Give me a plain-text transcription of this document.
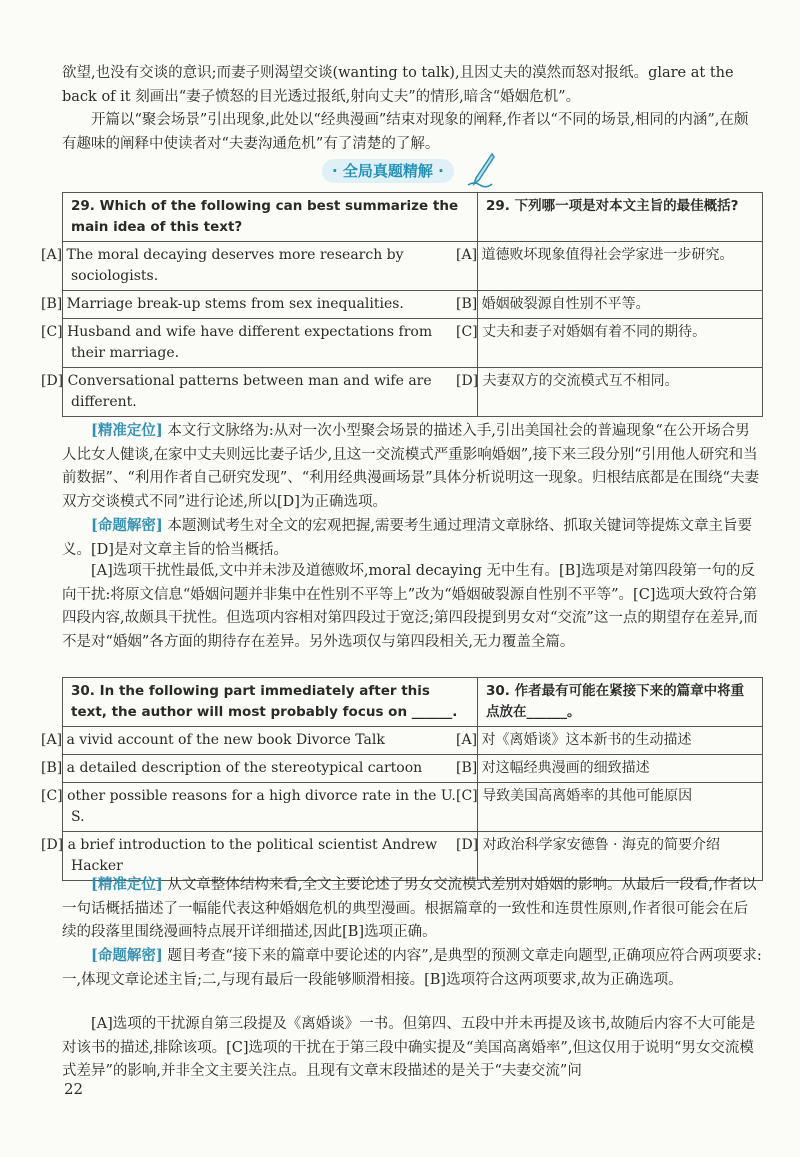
欲望,也没有交谈的意识;而妻子则渴望交谈(wanting to talk),且因丈夫的漠然而怒对报纸。glare at the back of it 刻画出“妻子愤怒的目光透过报纸,射向丈夫”的情形,暗含“婚姻危机”。

开篇以“聚会场景”引出现象,此处以“经典漫画”结束对现象的阐释,作者以“不同的场景,相同的内涵”,在颇有趣味的阐释中使读者对“夫妻沟通危机”有了清楚的了解。

· 全局真题精解 ·
29. Which of the following can best summarize the main idea of this text?	29. 下列哪一项是对本文主旨的最佳概括?
[A] The moral decaying deserves more research by sociologists.	[A] 道德败坏现象值得社会学家进一步研究。
[B] Marriage break-up stems from sex inequalities.	[B] 婚姻破裂源自性别不平等。
[C] Husband and wife have different expectations from their marriage.	[C] 丈夫和妻子对婚姻有着不同的期待。
[D] Conversational patterns between man and wife are different.	[D] 夫妻双方的交流模式互不相同。

[精准定位] 本文行文脉络为:从对一次小型聚会场景的描述入手,引出美国社会的普遍现象“在公开场合男人比女人健谈,在家中丈夫则远比妻子话少,且这一交流模式严重影响婚姻”,接下来三段分别“引用他人研究和当前数据”、“利用作者自己研究发现”、“利用经典漫画场景”具体分析说明这一现象。归根结底都是在围绕“夫妻双方交谈模式不同”进行论述,所以[D]为正确选项。

[命题解密] 本题测试考生对全文的宏观把握,需要考生通过理清文章脉络、抓取关键词等提炼文章主旨要义。[D]是对文章主旨的恰当概括。

[A]选项干扰性最低,文中并未涉及道德败坏,moral decaying 无中生有。[B]选项是对第四段第一句的反向干扰:将原文信息“婚姻问题并非集中在性别不平等上”改为“婚姻破裂源自性别不平等”。[C]选项大致符合第四段内容,故颇具干扰性。但选项内容相对第四段过于宽泛;第四段提到男女对“交流”这一点的期望存在差异,而不是对“婚姻”各方面的期待存在差异。另外选项仅与第四段相关,无力覆盖全篇。

30. In the following part immediately after this text, the author will most probably focus on ______.	30. 作者最有可能在紧接下来的篇章中将重点放在______。
[A] a vivid account of the new book Divorce Talk	[A] 对《离婚谈》这本新书的生动描述
[B] a detailed description of the stereotypical cartoon	[B] 对这幅经典漫画的细致描述
[C] other possible reasons for a high divorce rate in the U. S.	[C] 导致美国高离婚率的其他可能原因
[D] a brief introduction to the political scientist Andrew Hacker	[D] 对政治科学家安德鲁 · 海克的简要介绍

[精准定位] 从文章整体结构来看,全文主要论述了男女交流模式差别对婚姻的影响。从最后一段看,作者以一句话概括描述了一幅能代表这种婚姻危机的典型漫画。根据篇章的一致性和连贯性原则,作者很可能会在后续的段落里围绕漫画特点展开详细描述,因此[B]选项正确。

[命题解密] 题目考查“接下来的篇章中要论述的内容”,是典型的预测文章走向题型,正确项应符合两项要求:一,体现文章论述主旨;二,与现有最后一段能够顺滑相接。[B]选项符合这两项要求,故为正确选项。

[A]选项的干扰源自第三段提及《离婚谈》一书。但第四、五段中并未再提及该书,故随后内容不大可能是对该书的描述,排除该项。[C]选项的干扰在于第三段中确实提及“美国高离婚率”,但这仅用于说明“男女交流模式差异”的影响,并非全文主要关注点。且现有文章末段描述的是关于“夫妻交流”问

22
